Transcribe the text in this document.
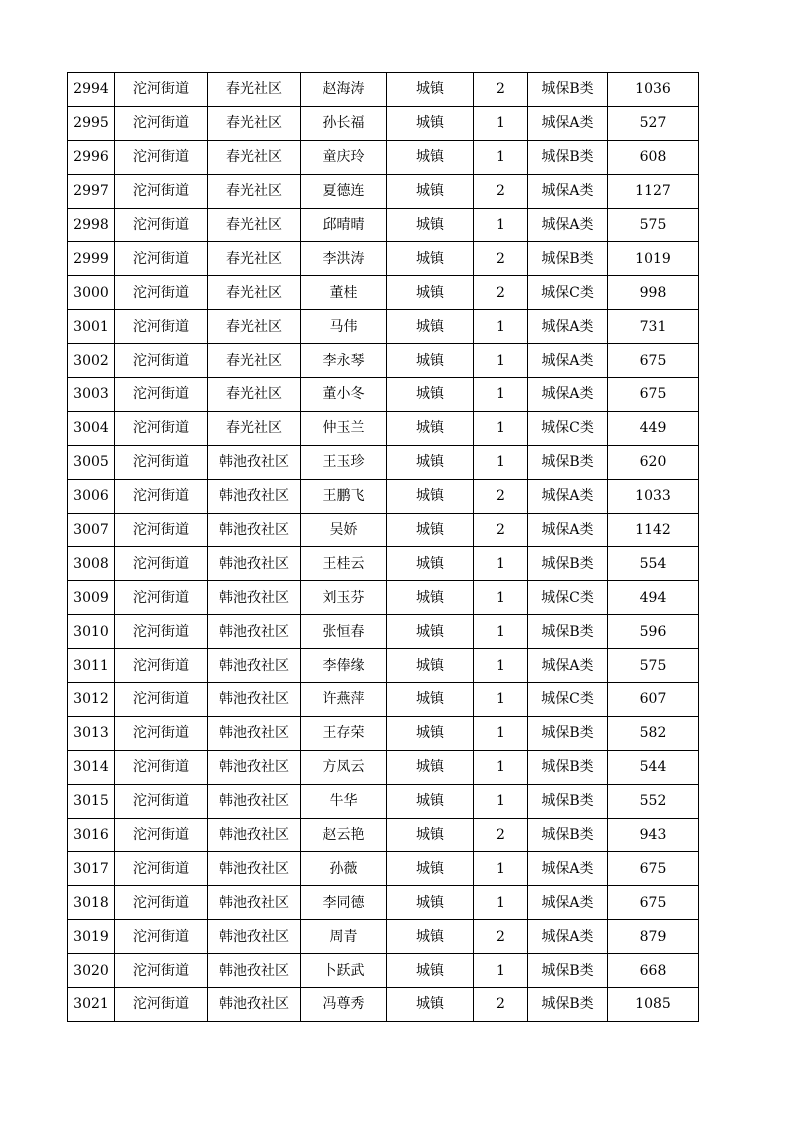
2994	沱河街道	春光社区	赵海涛	城镇	2	城保B类	1036
2995	沱河街道	春光社区	孙长福	城镇	1	城保A类	527
2996	沱河街道	春光社区	童庆玲	城镇	1	城保B类	608
2997	沱河街道	春光社区	夏德连	城镇	2	城保A类	1127
2998	沱河街道	春光社区	邱晴晴	城镇	1	城保A类	575
2999	沱河街道	春光社区	李洪涛	城镇	2	城保B类	1019
3000	沱河街道	春光社区	董桂	城镇	2	城保C类	998
3001	沱河街道	春光社区	马伟	城镇	1	城保A类	731
3002	沱河街道	春光社区	李永琴	城镇	1	城保A类	675
3003	沱河街道	春光社区	董小冬	城镇	1	城保A类	675
3004	沱河街道	春光社区	仲玉兰	城镇	1	城保C类	449
3005	沱河街道	韩池孜社区	王玉珍	城镇	1	城保B类	620
3006	沱河街道	韩池孜社区	王鹏飞	城镇	2	城保A类	1033
3007	沱河街道	韩池孜社区	吴娇	城镇	2	城保A类	1142
3008	沱河街道	韩池孜社区	王桂云	城镇	1	城保B类	554
3009	沱河街道	韩池孜社区	刘玉芬	城镇	1	城保C类	494
3010	沱河街道	韩池孜社区	张恒春	城镇	1	城保B类	596
3011	沱河街道	韩池孜社区	李俸缘	城镇	1	城保A类	575
3012	沱河街道	韩池孜社区	许燕萍	城镇	1	城保C类	607
3013	沱河街道	韩池孜社区	王存荣	城镇	1	城保B类	582
3014	沱河街道	韩池孜社区	方凤云	城镇	1	城保B类	544
3015	沱河街道	韩池孜社区	牛华	城镇	1	城保B类	552
3016	沱河街道	韩池孜社区	赵云艳	城镇	2	城保B类	943
3017	沱河街道	韩池孜社区	孙薇	城镇	1	城保A类	675
3018	沱河街道	韩池孜社区	李同德	城镇	1	城保A类	675
3019	沱河街道	韩池孜社区	周青	城镇	2	城保A类	879
3020	沱河街道	韩池孜社区	卜跃武	城镇	1	城保B类	668
3021	沱河街道	韩池孜社区	冯尊秀	城镇	2	城保B类	1085
